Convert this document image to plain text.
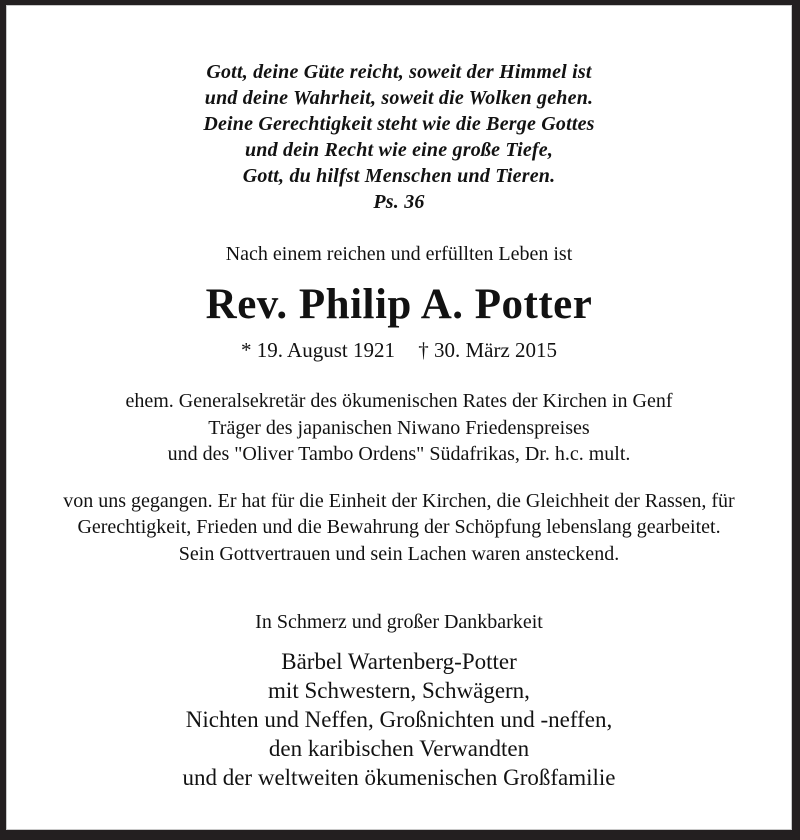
Gott, deine Güte reicht, soweit der Himmel ist
und deine Wahrheit, soweit die Wolken gehen.
Deine Gerechtigkeit steht wie die Berge Gottes
und dein Recht wie eine große Tiefe,
Gott, du hilfst Menschen und Tieren.
Ps. 36
Nach einem reichen und erfüllten Leben ist
Rev. Philip A. Potter
* 19. August 1921 † 30. März 2015
ehem. Generalsekretär des ökumenischen Rates der Kirchen in Genf
Träger des japanischen Niwano Friedenspreises
und des "Oliver Tambo Ordens" Südafrikas, Dr. h.c. mult.
von uns gegangen. Er hat für die Einheit der Kirchen, die Gleichheit der Rassen, für
Gerechtigkeit, Frieden und die Bewahrung der Schöpfung lebenslang gearbeitet.
Sein Gottvertrauen und sein Lachen waren ansteckend.
In Schmerz und großer Dankbarkeit
Bärbel Wartenberg-Potter
mit Schwestern, Schwägern,
Nichten und Neffen, Großnichten und -neffen,
den karibischen Verwandten
und der weltweiten ökumenischen Großfamilie
